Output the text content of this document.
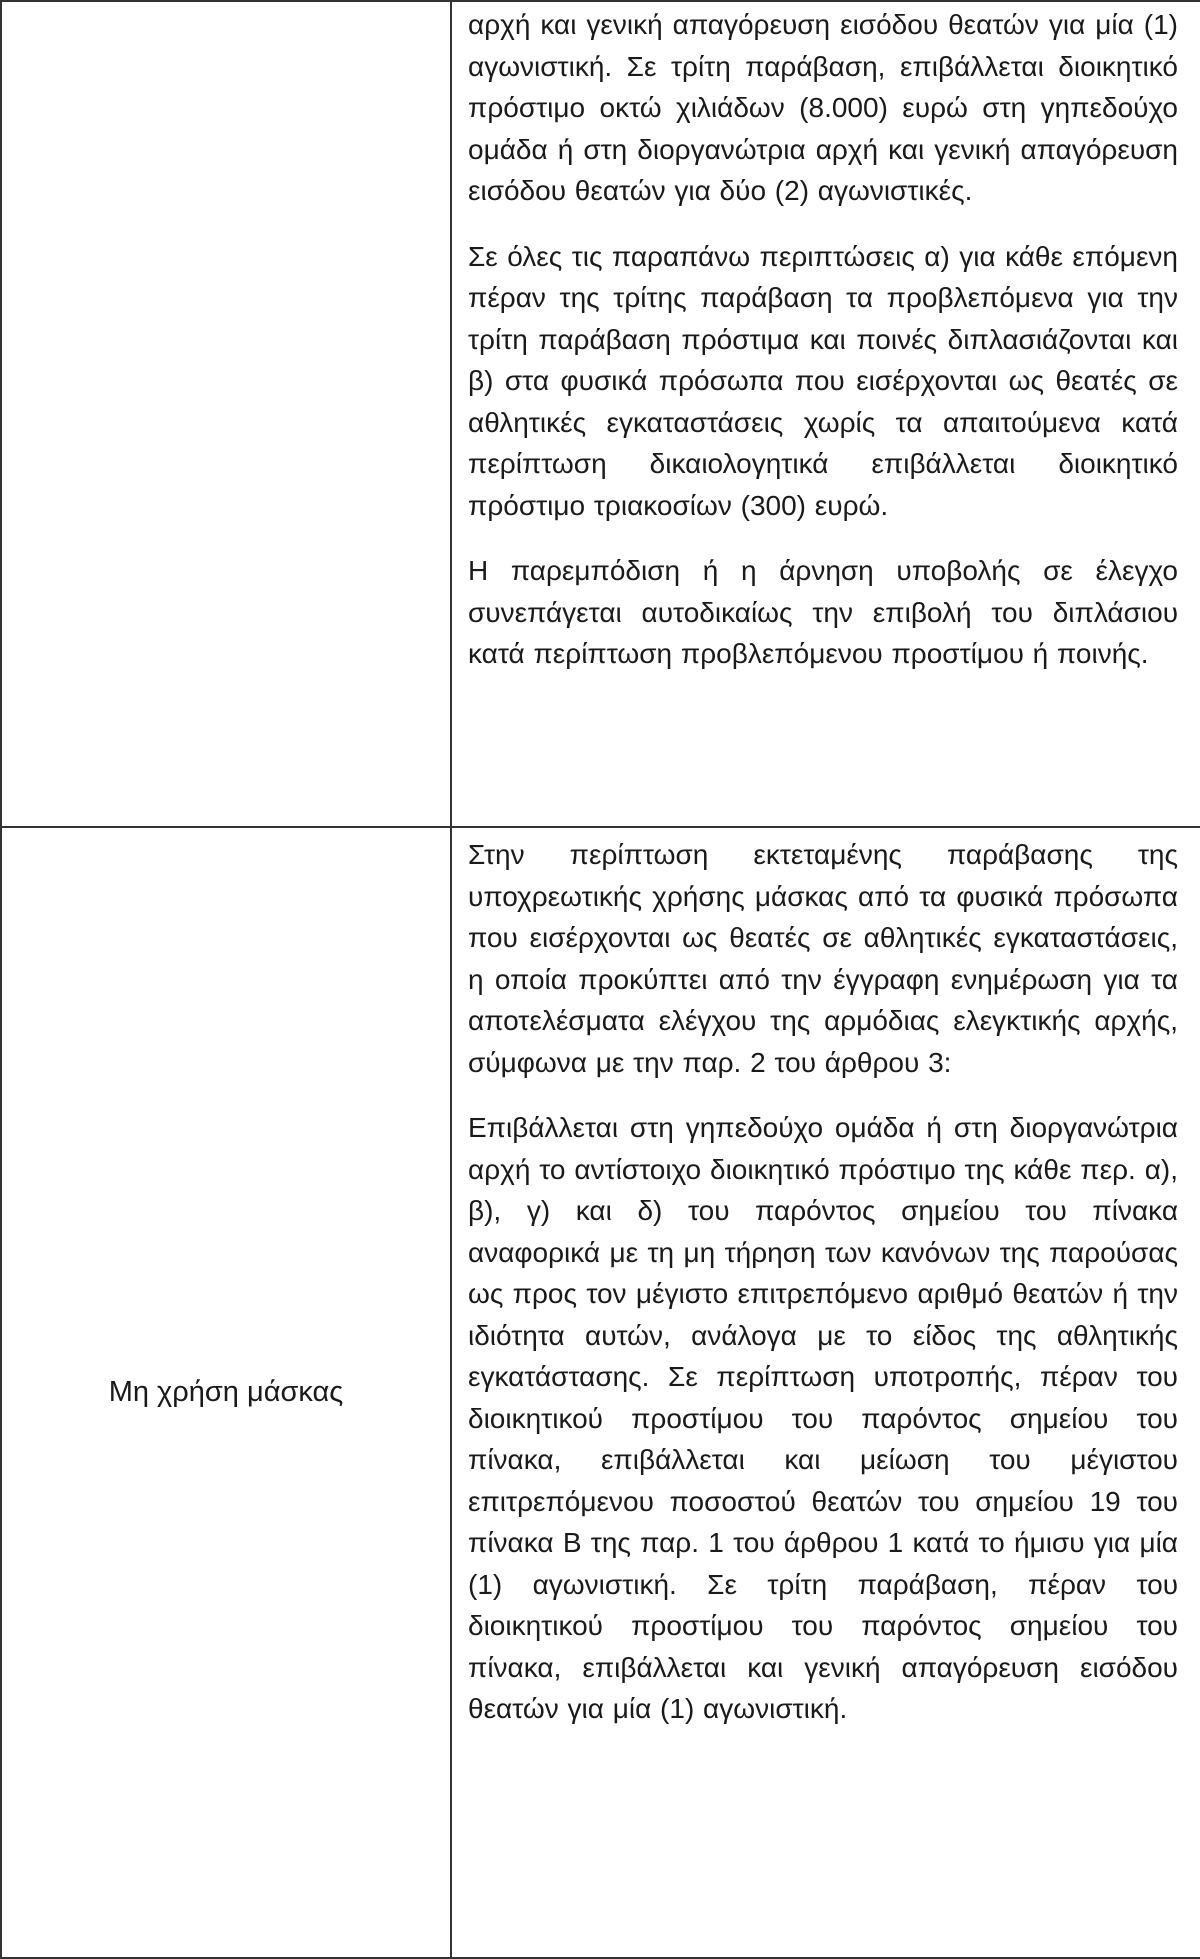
	αρχή και γενική απαγόρευση εισόδου θεατών για μία (1) αγωνιστική. Σε τρίτη παράβαση, επιβάλλεται διοικητικό πρόστιμο οκτώ χιλιάδων (8.000) ευρώ στη γηπεδούχο ομάδα ή στη διοργανώτρια αρχή και γενική απαγόρευση εισόδου θεατών για δύο (2) αγωνιστικές.

Σε όλες τις παραπάνω περιπτώσεις α) για κάθε επόμενη πέραν της τρίτης παράβαση τα προβλεπόμενα για την τρίτη παράβαση πρόστιμα και ποινές διπλασιάζονται και β) στα φυσικά πρόσωπα που εισέρχονται ως θεατές σε αθλητικές εγκαταστάσεις χωρίς τα απαιτούμενα κατά περίπτωση δικαιολογητικά επιβάλλεται διοικητικό πρόστιμο τριακοσίων (300) ευρώ.

Η παρεμπόδιση ή η άρνηση υποβολής σε έλεγχο συνεπάγεται αυτοδικαίως την επιβολή του διπλάσιου κατά περίπτωση προβλεπόμενου προστίμου ή ποινής.

Μη χρήση μάσκας	Στην περίπτωση εκτεταμένης παράβασης της υποχρεωτικής χρήσης μάσκας από τα φυσικά πρόσωπα που εισέρχονται ως θεατές σε αθλητικές εγκαταστάσεις, η οποία προκύπτει από την έγγραφη ενημέρωση για τα αποτελέσματα ελέγχου της αρμόδιας ελεγκτικής αρχής, σύμφωνα με την παρ. 2 του άρθρου 3:

Επιβάλλεται στη γηπεδούχο ομάδα ή στη διοργανώτρια αρχή το αντίστοιχο διοικητικό πρόστιμο της κάθε περ. α), β), γ) και δ) του παρόντος σημείου του πίνακα αναφορικά με τη μη τήρηση των κανόνων της παρούσας ως προς τον μέγιστο επιτρεπόμενο αριθμό θεατών ή την ιδιότητα αυτών, ανάλογα με το είδος της αθλητικής εγκατάστασης. Σε περίπτωση υποτροπής, πέραν του διοικητικού προστίμου του παρόντος σημείου του πίνακα, επιβάλλεται και μείωση του μέγιστου επιτρεπόμενου ποσοστού θεατών του σημείου 19 του πίνακα Β της παρ. 1 του άρθρου 1 κατά το ήμισυ για μία (1) αγωνιστική. Σε τρίτη παράβαση, πέραν του διοικητικού προστίμου του παρόντος σημείου του πίνακα, επιβάλλεται και γενική απαγόρευση εισόδου θεατών για μία (1) αγωνιστική.
